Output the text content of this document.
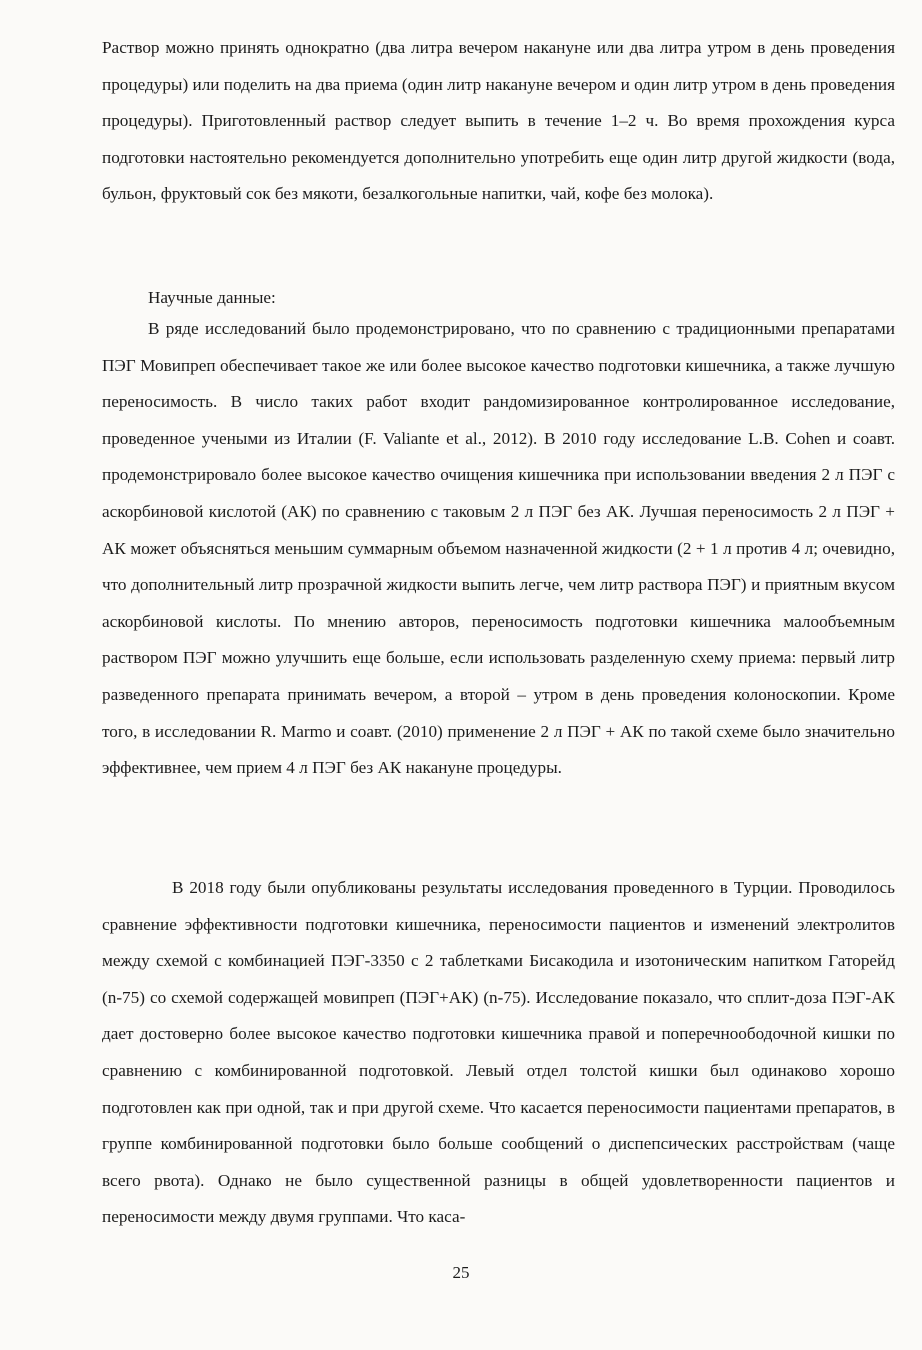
Раствор можно принять однократно (два литра вечером накануне или два литра утром в день проведения процедуры) или поделить на два приема (один литр накануне вечером и один литр утром в день проведения процедуры). Приготовленный раствор следует выпить в течение 1–2 ч. Во время прохождения курса подготовки настоятельно рекомендуется дополнительно употребить еще один литр другой жидкости (вода, бульон, фруктовый сок без мякоти, безалкогольные напитки, чай, кофе без молока).

Научные данные:

В ряде исследований было продемонстрировано, что по сравнению с традиционными препаратами ПЭГ Мовипреп обеспечивает такое же или более высокое качество подготовки кишечника, а также лучшую переносимость. В число таких работ входит рандомизированное контролированное исследование, проведенное учеными из Италии (F. Valiante et al., 2012). В 2010 году исследование L.B. Cohen и соавт. продемонстрировало более высокое качество очищения кишечника при использовании введения 2 л ПЭГ с аскорбиновой кислотой (АК) по сравнению с таковым 2 л ПЭГ без АК. Лучшая переносимость 2 л ПЭГ + АК может объясняться меньшим суммарным объемом назначенной жидкости (2 + 1 л против 4 л; очевидно, что дополнительный литр прозрачной жидкости выпить легче, чем литр раствора ПЭГ) и приятным вкусом аскорбиновой кислоты. По мнению авторов, переносимость подготовки кишечника малообъемным раствором ПЭГ можно улучшить еще больше, если использовать разделенную схему приема: первый литр разведенного препарата принимать вечером, а второй – утром в день проведения колоноскопии. Кроме того, в исследовании R. Marmo и соавт. (2010) применение 2 л ПЭГ + АК по такой схеме было значительно эффективнее, чем прием 4 л ПЭГ без АК накануне процедуры.

В 2018 году были опубликованы результаты исследования проведенного в Турции. Проводилось сравнение эффективности подготовки кишечника, переносимости пациентов и изменений электролитов между схемой с комбинацией ПЭГ-3350 с 2 таблетками Бисакодила и изотоническим напитком Гаторейд (n-75) со схемой содержащей мовипреп (ПЭГ+АК) (n-75). Исследование показало, что сплит-доза ПЭГ-АК дает достоверно более высокое качество подготовки кишечника правой и поперечноободочной кишки по сравнению с комбинированной подготовкой. Левый отдел толстой кишки был одинаково хорошо подготовлен как при одной, так и при другой схеме. Что касается переносимости пациентами препаратов, в группе комбинированной подготовки было больше сообщений о диспепсических расстройствам (чаще всего рвота). Однако не было существенной разницы в общей удовлетворенности пациентов и переносимости между двумя группами. Что каса-

25
